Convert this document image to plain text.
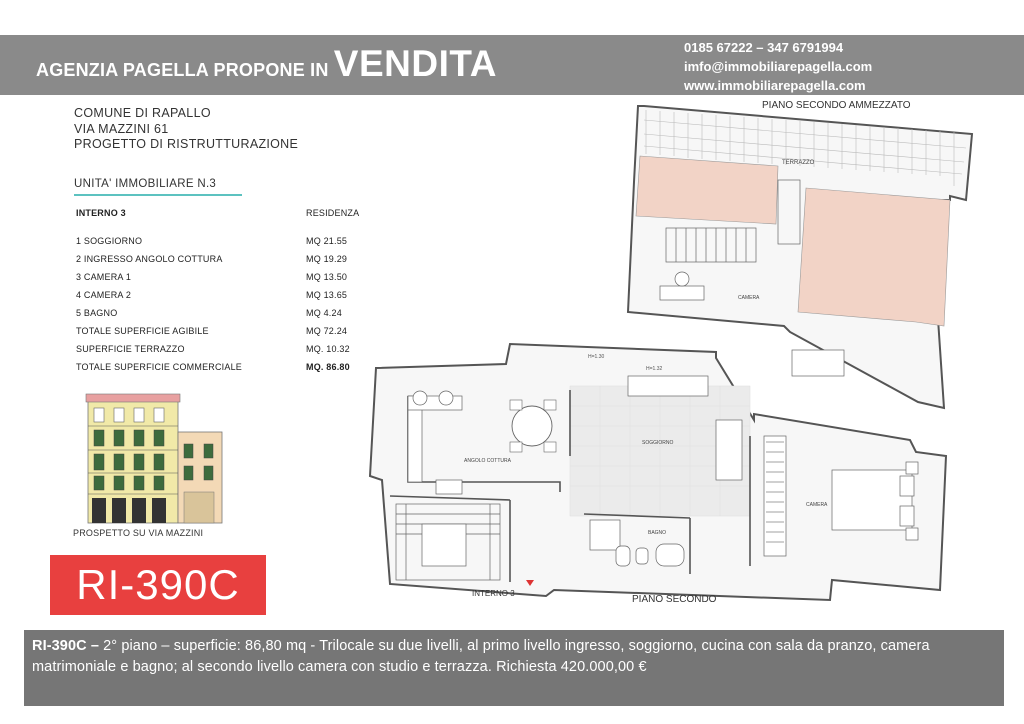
AGENZIA PAGELLA PROPONE IN VENDITA	0185 67222 – 347 6791994
imfo@immobiliarepagella.com
www.immobiliarepagella.com
COMUNE DI RAPALLO
VIA MAZZINI 61
PROGETTO DI RISTRUTTURAZIONE
UNITA' IMMOBILIARE N.3
INTERNO 3	RESIDENZA
1 SOGGIORNO	MQ 21.55
2 INGRESSO ANGOLO COTTURA	MQ 19.29
3 CAMERA 1	MQ 13.50
4 CAMERA 2	MQ 13.65
5 BAGNO	MQ 4.24
TOTALE SUPERFICIE AGIBILE	MQ 72.24
SUPERFICIE TERRAZZO	MQ. 10.32
TOTALE SUPERFICIE COMMERCIALE	MQ. 86.80
PROSPETTO SU VIA MAZZINI
RI-390C
PIANO SECONDO AMMEZZATO
TERRAZZO
CAMERA
ANGOLO COTTURA
SOGGIORNO
BAGNO
CAMERA
INTERNO 3
PIANO SECONDO
H=1.30
H=1.32
RI-390C – 2° piano – superficie: 86,80 mq - Trilocale su due livelli, al primo livello ingresso, soggiorno, cucina con sala da pranzo, camera matrimoniale e bagno; al secondo livello camera con studio e terrazza. Richiesta 420.000,00 €
